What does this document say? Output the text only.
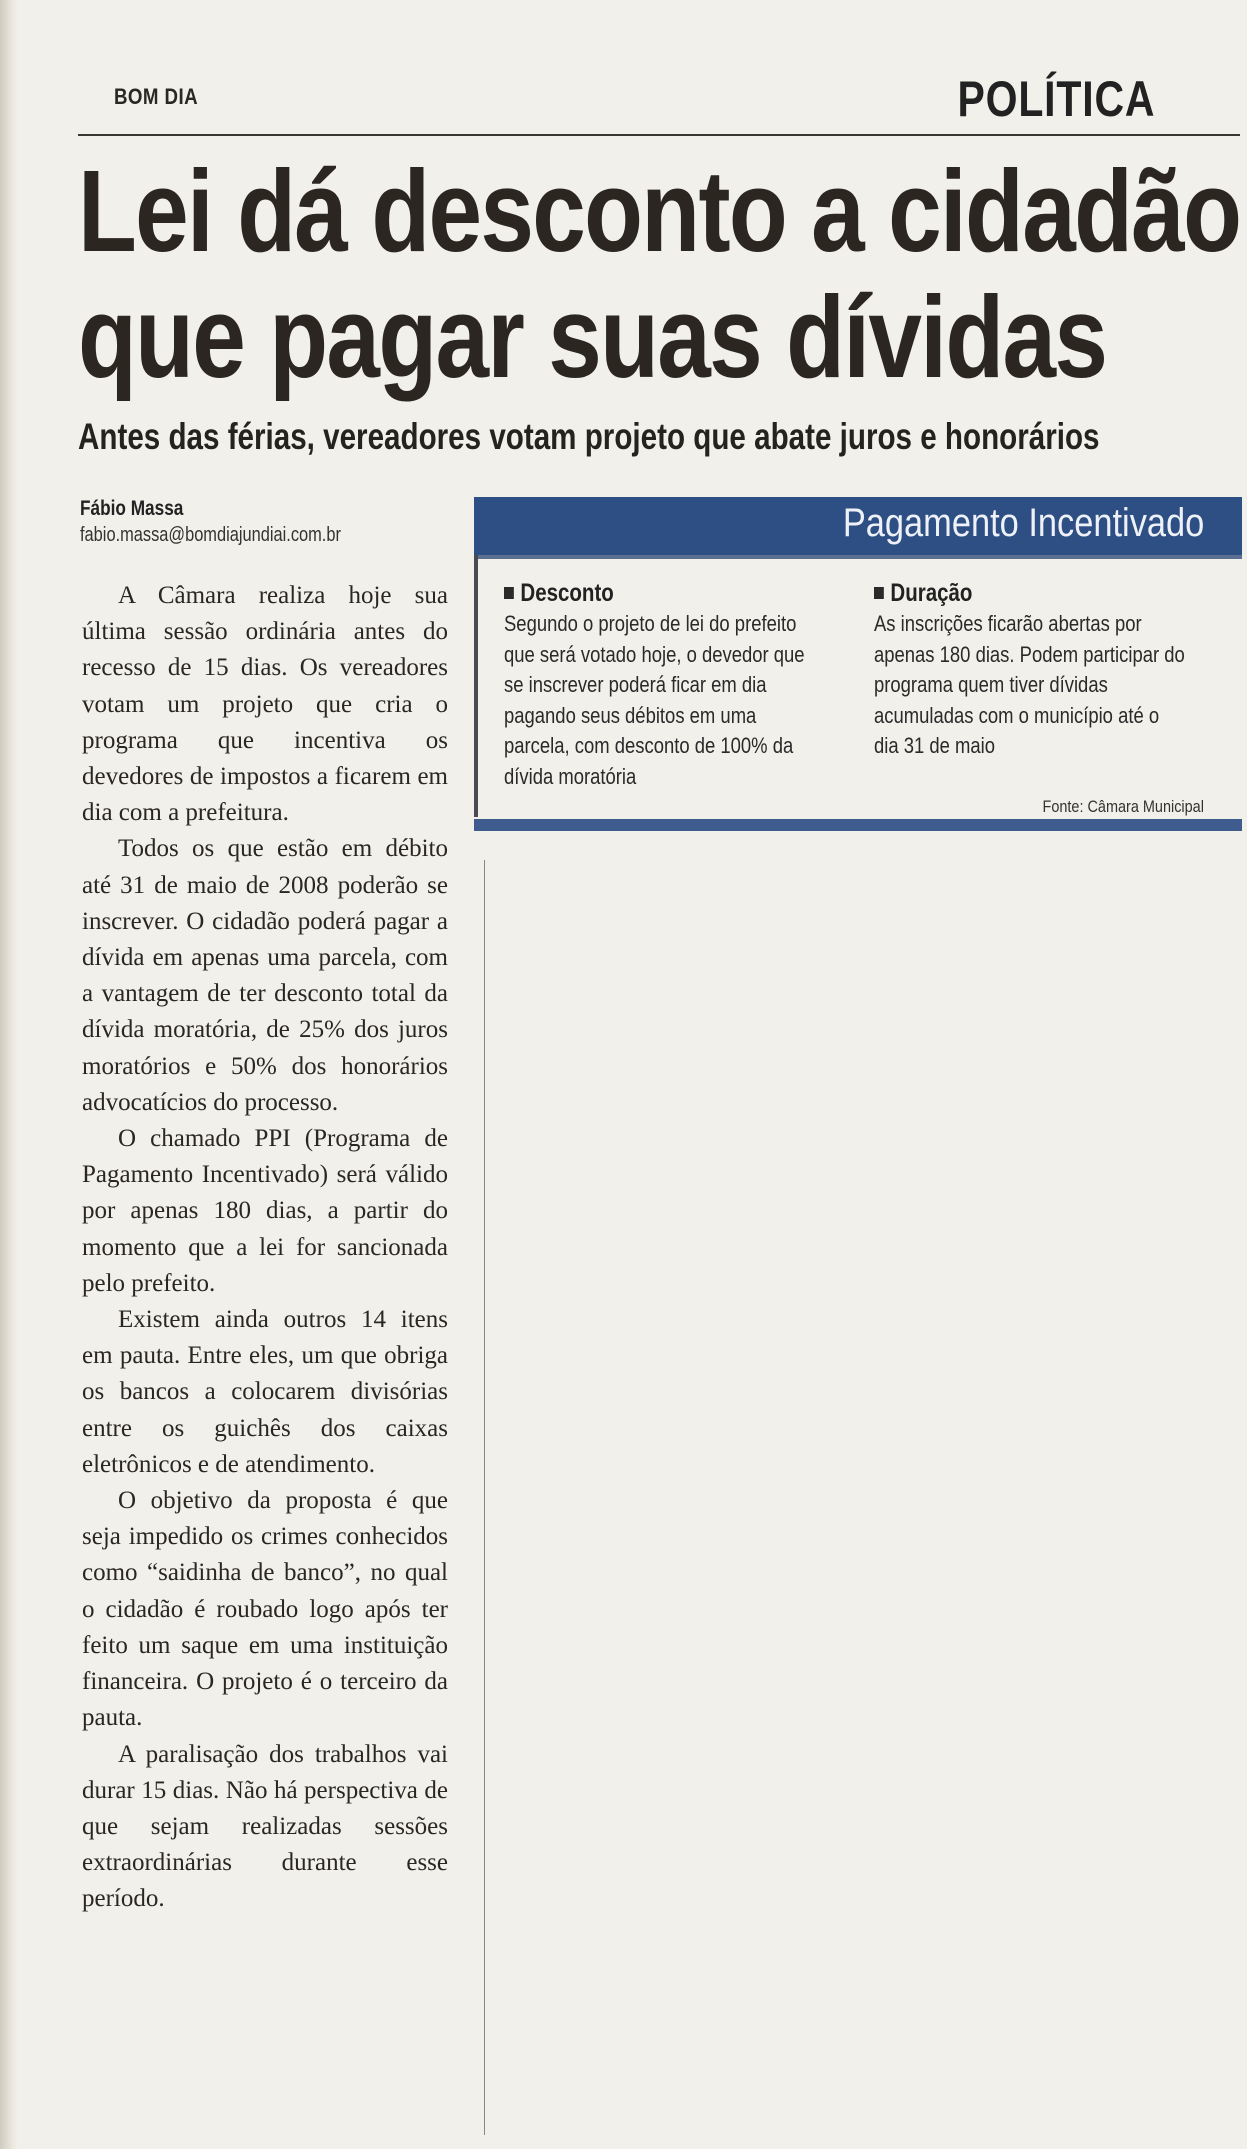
BOM DIA	POLÍTICA
Lei dá desconto a cidadão
que pagar suas dívidas
Antes das férias, vereadores votam projeto que abate juros e honorários
Fábio Massa
fabio.massa@bomdiajundiai.com.br

A Câmara realiza hoje sua última sessão ordinária antes do recesso de 15 dias. Os vereadores votam um projeto que cria o programa que incentiva os devedores de impostos a ficarem em dia com a prefeitura.

Todos os que estão em débito até 31 de maio de 2008 poderão se inscrever. O cidadão poderá pagar a dívida em apenas uma parcela, com a vantagem de ter desconto total da dívida moratória, de 25% dos juros moratórios e 50% dos honorários advocatícios do processo.

O chamado PPI (Programa de Pagamento Incentivado) será válido por apenas 180 dias, a partir do momento que a lei for sancionada pelo prefeito.

Existem ainda outros 14 itens em pauta. Entre eles, um que obriga os bancos a colocarem divisórias entre os guichês dos caixas eletrônicos e de atendimento.

O objetivo da proposta é que seja impedido os crimes conhecidos como “saidinha de banco”, no qual o cidadão é roubado logo após ter feito um saque em uma instituição financeira. O projeto é o terceiro da pauta.

A paralisação dos trabalhos vai durar 15 dias. Não há perspectiva de que sejam realizadas sessões extraordinárias durante esse período.

Pagamento Incentivado
Desconto
Segundo o projeto de lei do prefeito
que será votado hoje, o devedor que
se inscrever poderá ficar em dia
pagando seus débitos em uma
parcela, com desconto de 100% da
dívida moratória
Duração
As inscrições ficarão abertas por
apenas 180 dias. Podem participar do
programa quem tiver dívidas
acumuladas com o município até o
dia 31 de maio
Fonte: Câmara Municipal
